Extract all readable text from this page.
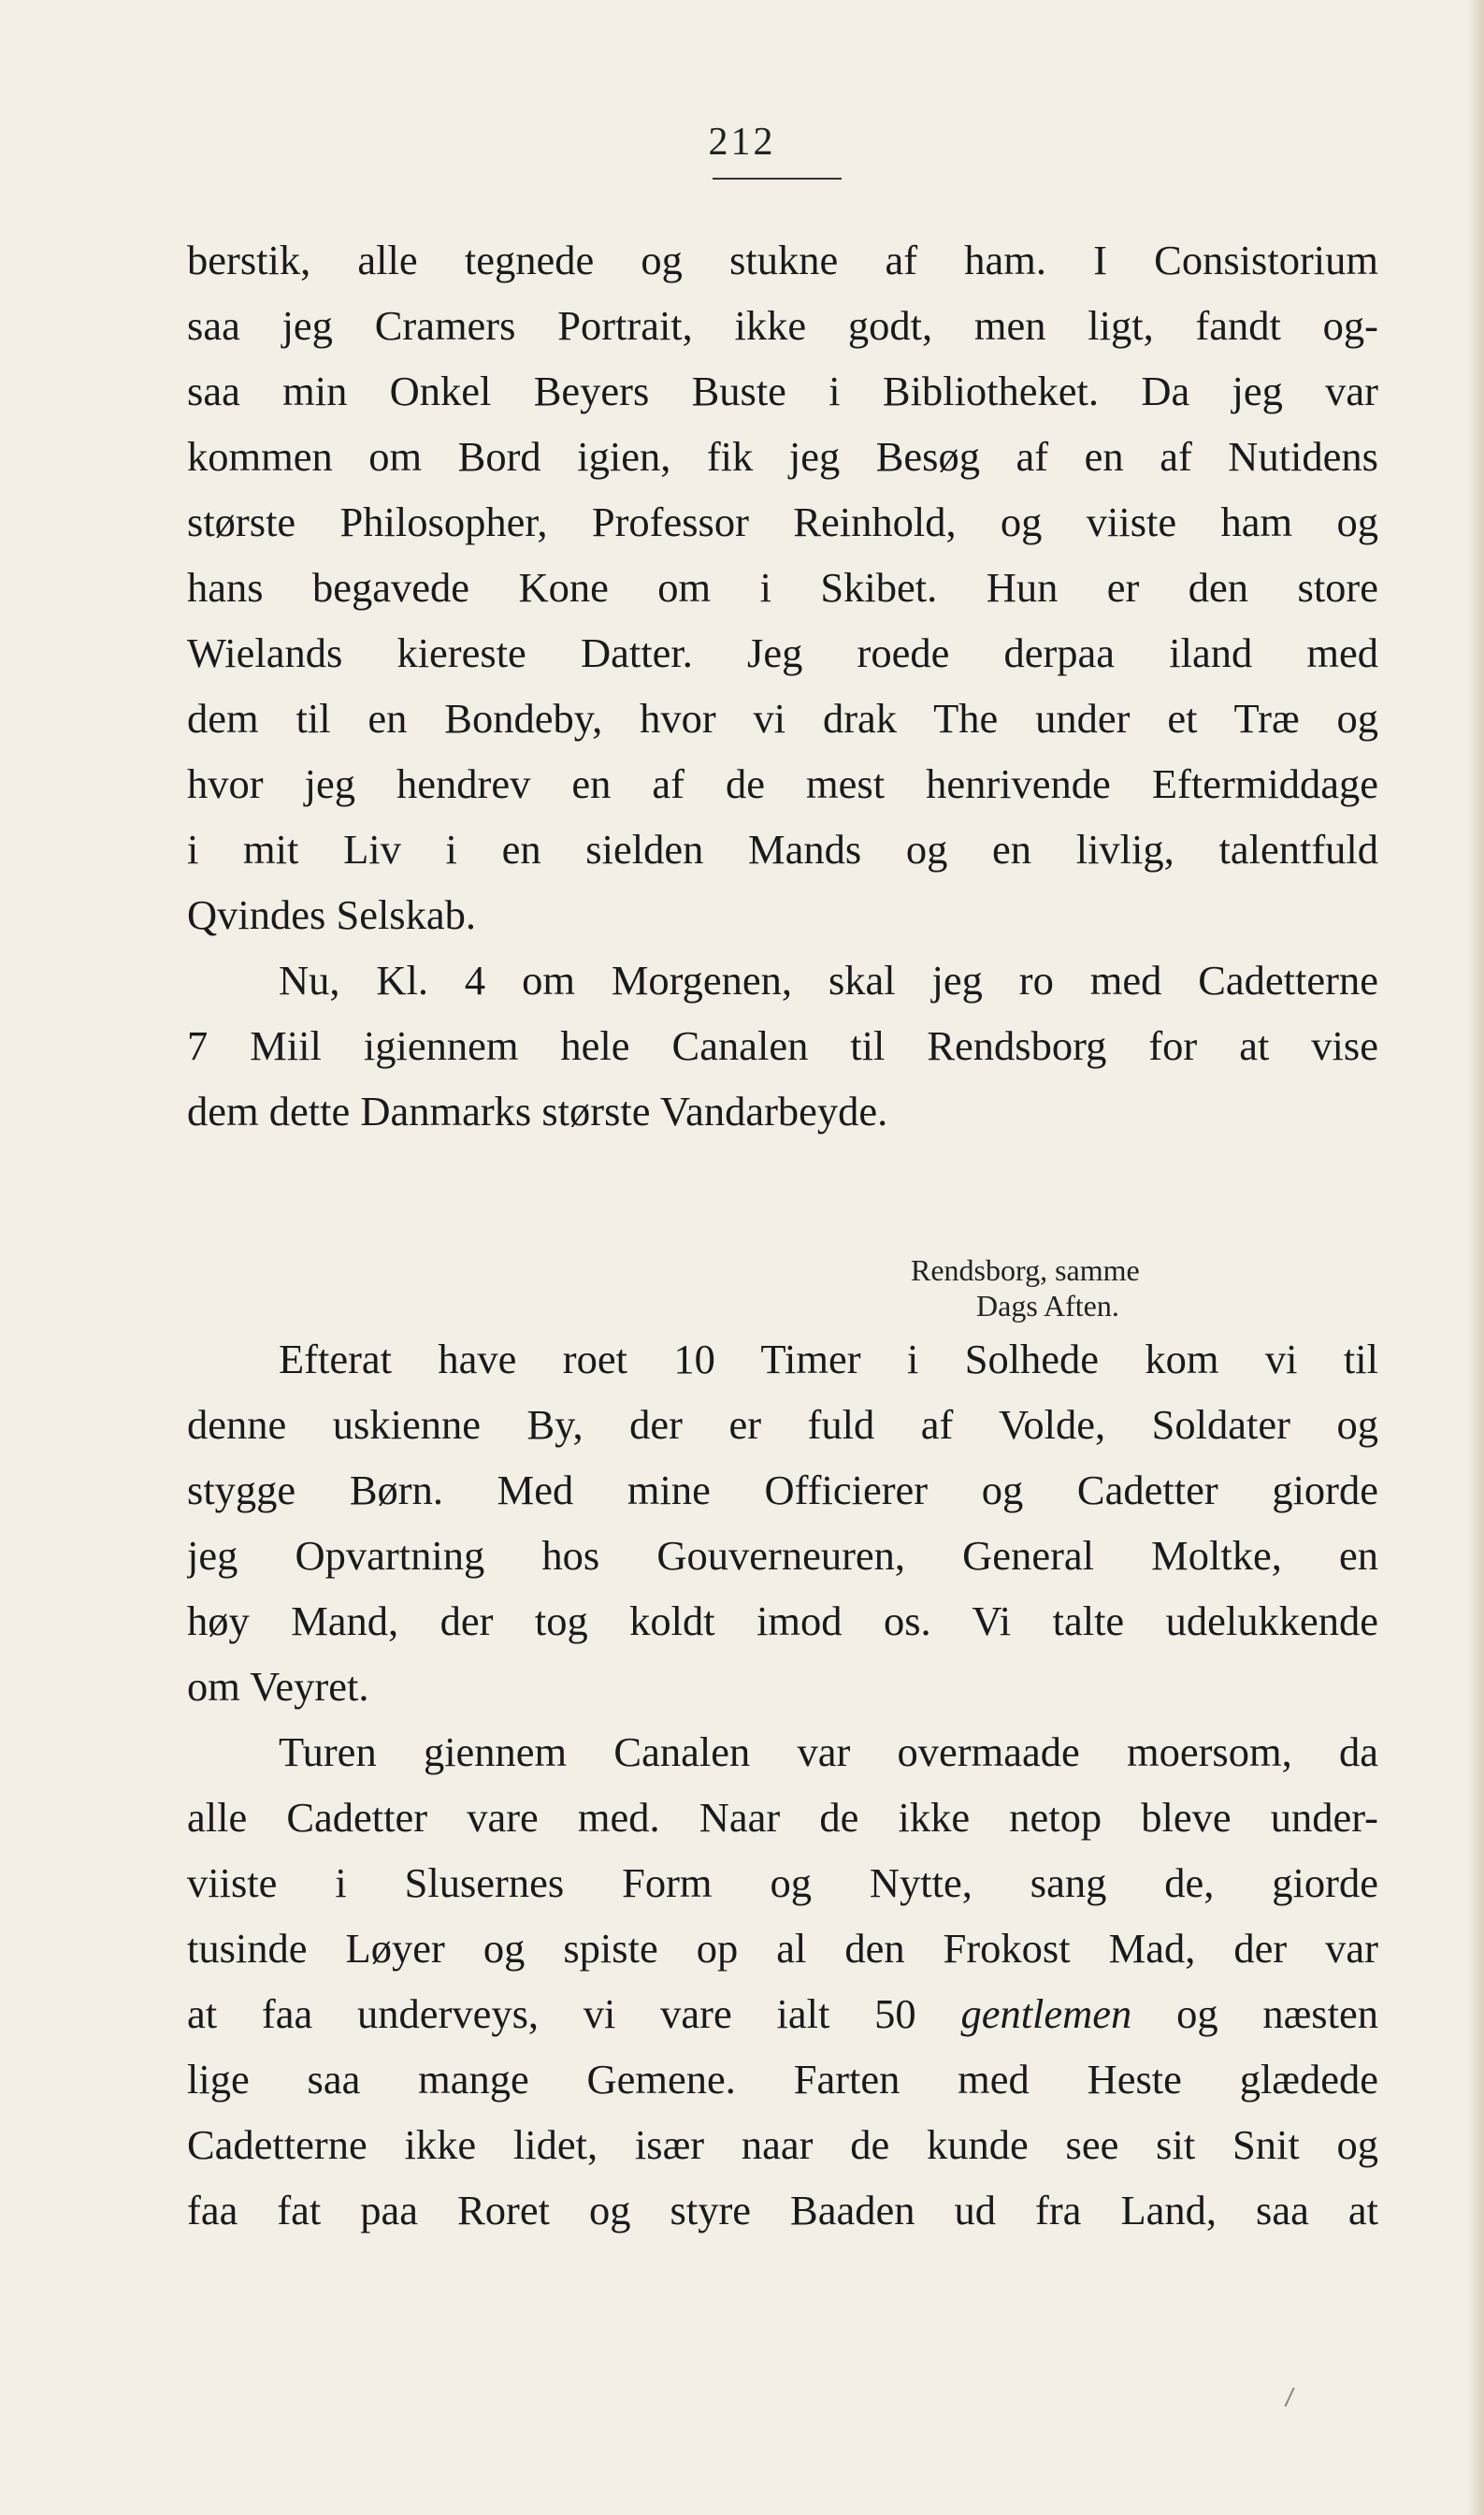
212
berstik, alle tegnede og stukne af ham. I Consistorium
saa jeg Cramers Portrait, ikke godt, men ligt, fandt og-
saa min Onkel Beyers Buste i Bibliotheket. Da jeg var
kommen om Bord igien, fik jeg Besøg af en af Nutidens
største Philosopher, Professor Reinhold, og viiste ham og
hans begavede Kone om i Skibet. Hun er den store
Wielands kiereste Datter. Jeg roede derpaa iland med
dem til en Bondeby, hvor vi drak The under et Træ og
hvor jeg hendrev en af de mest henrivende Eftermiddage
i mit Liv i en sielden Mands og en livlig, talentfuld
Qvindes Selskab.
Nu, Kl. 4 om Morgenen, skal jeg ro med Cadetterne
7 Miil igiennem hele Canalen til Rendsborg for at vise
dem dette Danmarks største Vandarbeyde.
Rendsborg, samme
Dags Aften.
Efterat have roet 10 Timer i Solhede kom vi til
denne uskienne By, der er fuld af Volde, Soldater og
stygge Børn. Med mine Officierer og Cadetter giorde
jeg Opvartning hos Gouverneuren, General Moltke, en
høy Mand, der tog koldt imod os. Vi talte udelukkende
om Veyret.
Turen giennem Canalen var overmaade moersom, da
alle Cadetter vare med. Naar de ikke netop bleve under-
viiste i Slusernes Form og Nytte, sang de, giorde
tusinde Løyer og spiste op al den Frokost Mad, der var
at faa underveys, vi vare ialt 50 gentlemen og næsten
lige saa mange Gemene. Farten med Heste glædede
Cadetterne ikke lidet, især naar de kunde see sit Snit og
faa fat paa Roret og styre Baaden ud fra Land, saa at
